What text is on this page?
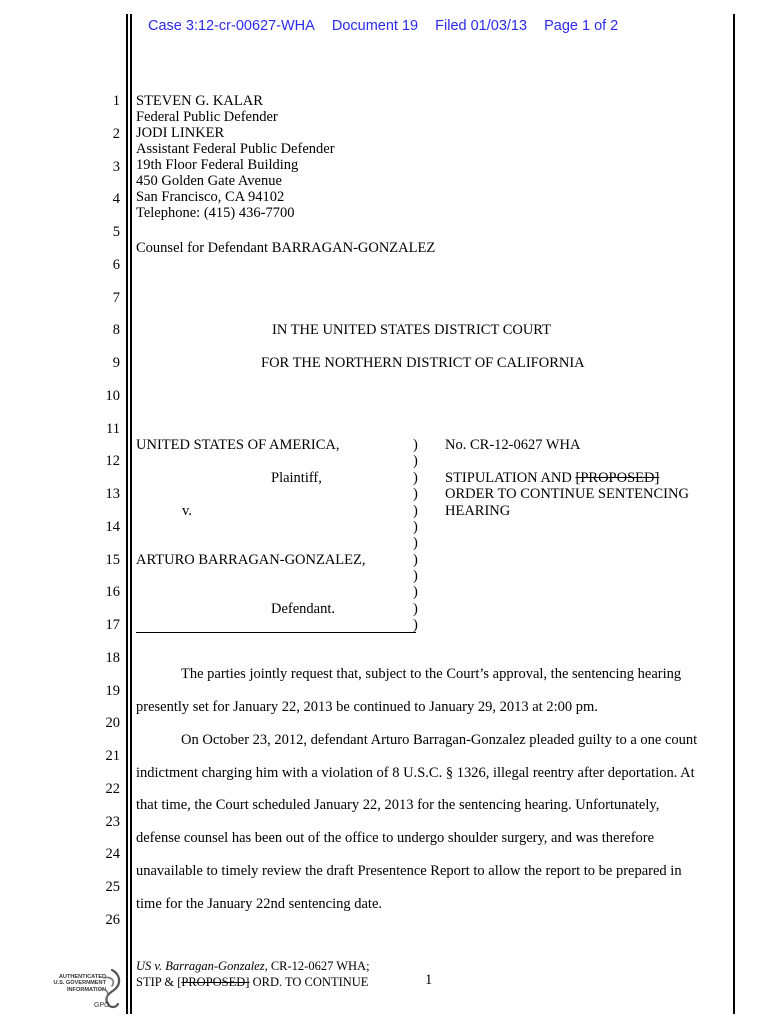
Case 3:12-cr-00627-WHA Document 19 Filed 01/03/13 Page 1 of 2
1
2
3
4
5
6
7
8
9
10
11
12
13
14
15
16
17
18
19
20
21
22
23
24
25
26
STEVEN G. KALAR
Federal Public Defender
JODI LINKER
Assistant Federal Public Defender
19th Floor Federal Building
450 Golden Gate Avenue
San Francisco, CA 94102
Telephone: (415) 436-7700
Counsel for Defendant BARRAGAN-GONZALEZ
IN THE UNITED STATES DISTRICT COURT
FOR THE NORTHERN DISTRICT OF CALIFORNIA
UNITED STATES OF AMERICA,
Plaintiff,
v.
ARTURO BARRAGAN-GONZALEZ,
Defendant.
)
)
)
)
)
)
)
)
)
)
)
)
No. CR-12-0627 WHA
STIPULATION AND [PROPOSED]
ORDER TO CONTINUE SENTENCING
HEARING
The parties jointly request that, subject to the Court’s approval, the sentencing hearing
presently set for January 22, 2013 be continued to January 29, 2013 at 2:00 pm.
On October 23, 2012, defendant Arturo Barragan-Gonzalez pleaded guilty to a one count
indictment charging him with a violation of 8 U.S.C. § 1326, illegal reentry after deportation. At
that time, the Court scheduled January 22, 2013 for the sentencing hearing. Unfortunately,
defense counsel has been out of the office to undergo shoulder surgery, and was therefore
unavailable to timely review the draft Presentence Report to allow the report to be prepared in
time for the January 22nd sentencing date.
US v. Barragan-Gonzalez, CR-12-0627 WHA;
STIP & [PROPOSED] ORD. TO CONTINUE	1
AUTHENTICATED
U.S. GOVERNMENT
INFORMATION
GPO
